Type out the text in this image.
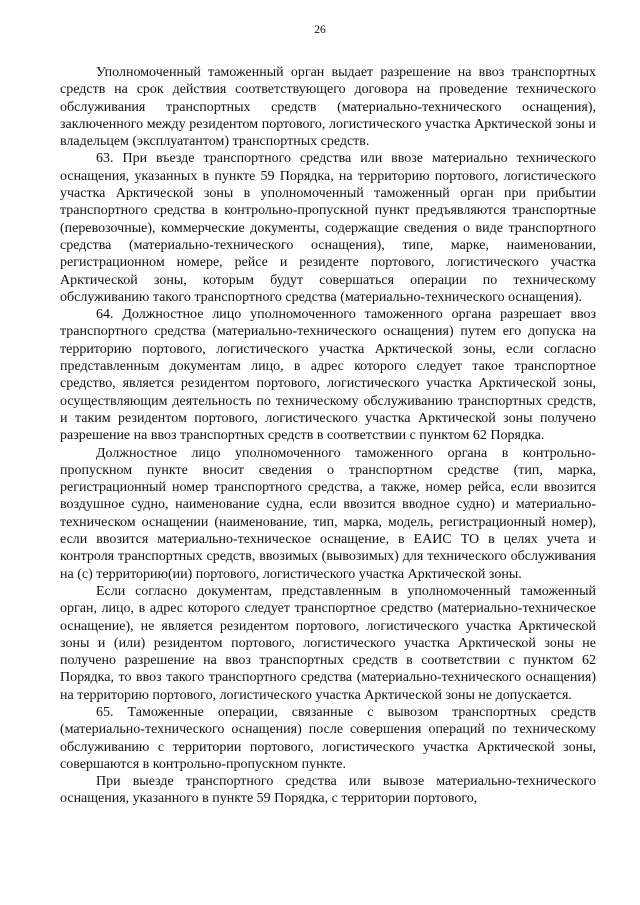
26

Уполномоченный таможенный орган выдает разрешение на ввоз транспортных средств на срок действия соответствующего договора на проведение технического обслуживания транспортных средств (материально-технического оснащения), заключенного между резидентом портового, логистического участка Арктической зоны и владельцем (эксплуатантом) транспортных средств.

63. При въезде транспортного средства или ввозе материально технического оснащения, указанных в пункте 59 Порядка, на территорию портового, логистического участка Арктической зоны в уполномоченный таможенный орган при прибытии транспортного средства в контрольно-пропускной пункт предъявляются транспортные (перевозочные), коммерческие документы, содержащие сведения о виде транспортного средства (материально-технического оснащения), типе, марке, наименовании, регистрационном номере, рейсе и резиденте портового, логистического участка Арктической зоны, которым будут совершаться операции по техническому обслуживанию такого транспортного средства (материально-технического оснащения).

64. Должностное лицо уполномоченного таможенного органа разрешает ввоз транспортного средства (материально-технического оснащения) путем его допуска на территорию портового, логистического участка Арктической зоны, если согласно представленным документам лицо, в адрес которого следует такое транспортное средство, является резидентом портового, логистического участка Арктической зоны, осуществляющим деятельность по техническому обслуживанию транспортных средств, и таким резидентом портового, логистического участка Арктической зоны получено разрешение на ввоз транспортных средств в соответствии с пунктом 62 Порядка.

Должностное лицо уполномоченного таможенного органа в контрольно-пропускном пункте вносит сведения о транспортном средстве (тип, марка, регистрационный номер транспортного средства, а также, номер рейса, если ввозится воздушное судно, наименование судна, если ввозится вводное судно) и материально-техническом оснащении (наименование, тип, марка, модель, регистрационный номер), если ввозится материально-техническое оснащение, в ЕАИС ТО в целях учета и контроля транспортных средств, ввозимых (вывозимых) для технического обслуживания на (с) территорию(ии) портового, логистического участка Арктической зоны.

Если согласно документам, представленным в уполномоченный таможенный орган, лицо, в адрес которого следует транспортное средство (материально-техническое оснащение), не является резидентом портового, логистического участка Арктической зоны и (или) резидентом портового, логистического участка Арктической зоны не получено разрешение на ввоз транспортных средств в соответствии с пунктом 62 Порядка, то ввоз такого транспортного средства (материально-технического оснащения) на территорию портового, логистического участка Арктической зоны не допускается.

65. Таможенные операции, связанные с вывозом транспортных средств (материально-технического оснащения) после совершения операций по техническому обслуживанию с территории портового, логистического участка Арктической зоны, совершаются в контрольно-пропускном пункте.

При выезде транспортного средства или вывозе материально-технического оснащения, указанного в пункте 59 Порядка, с территории портового,
